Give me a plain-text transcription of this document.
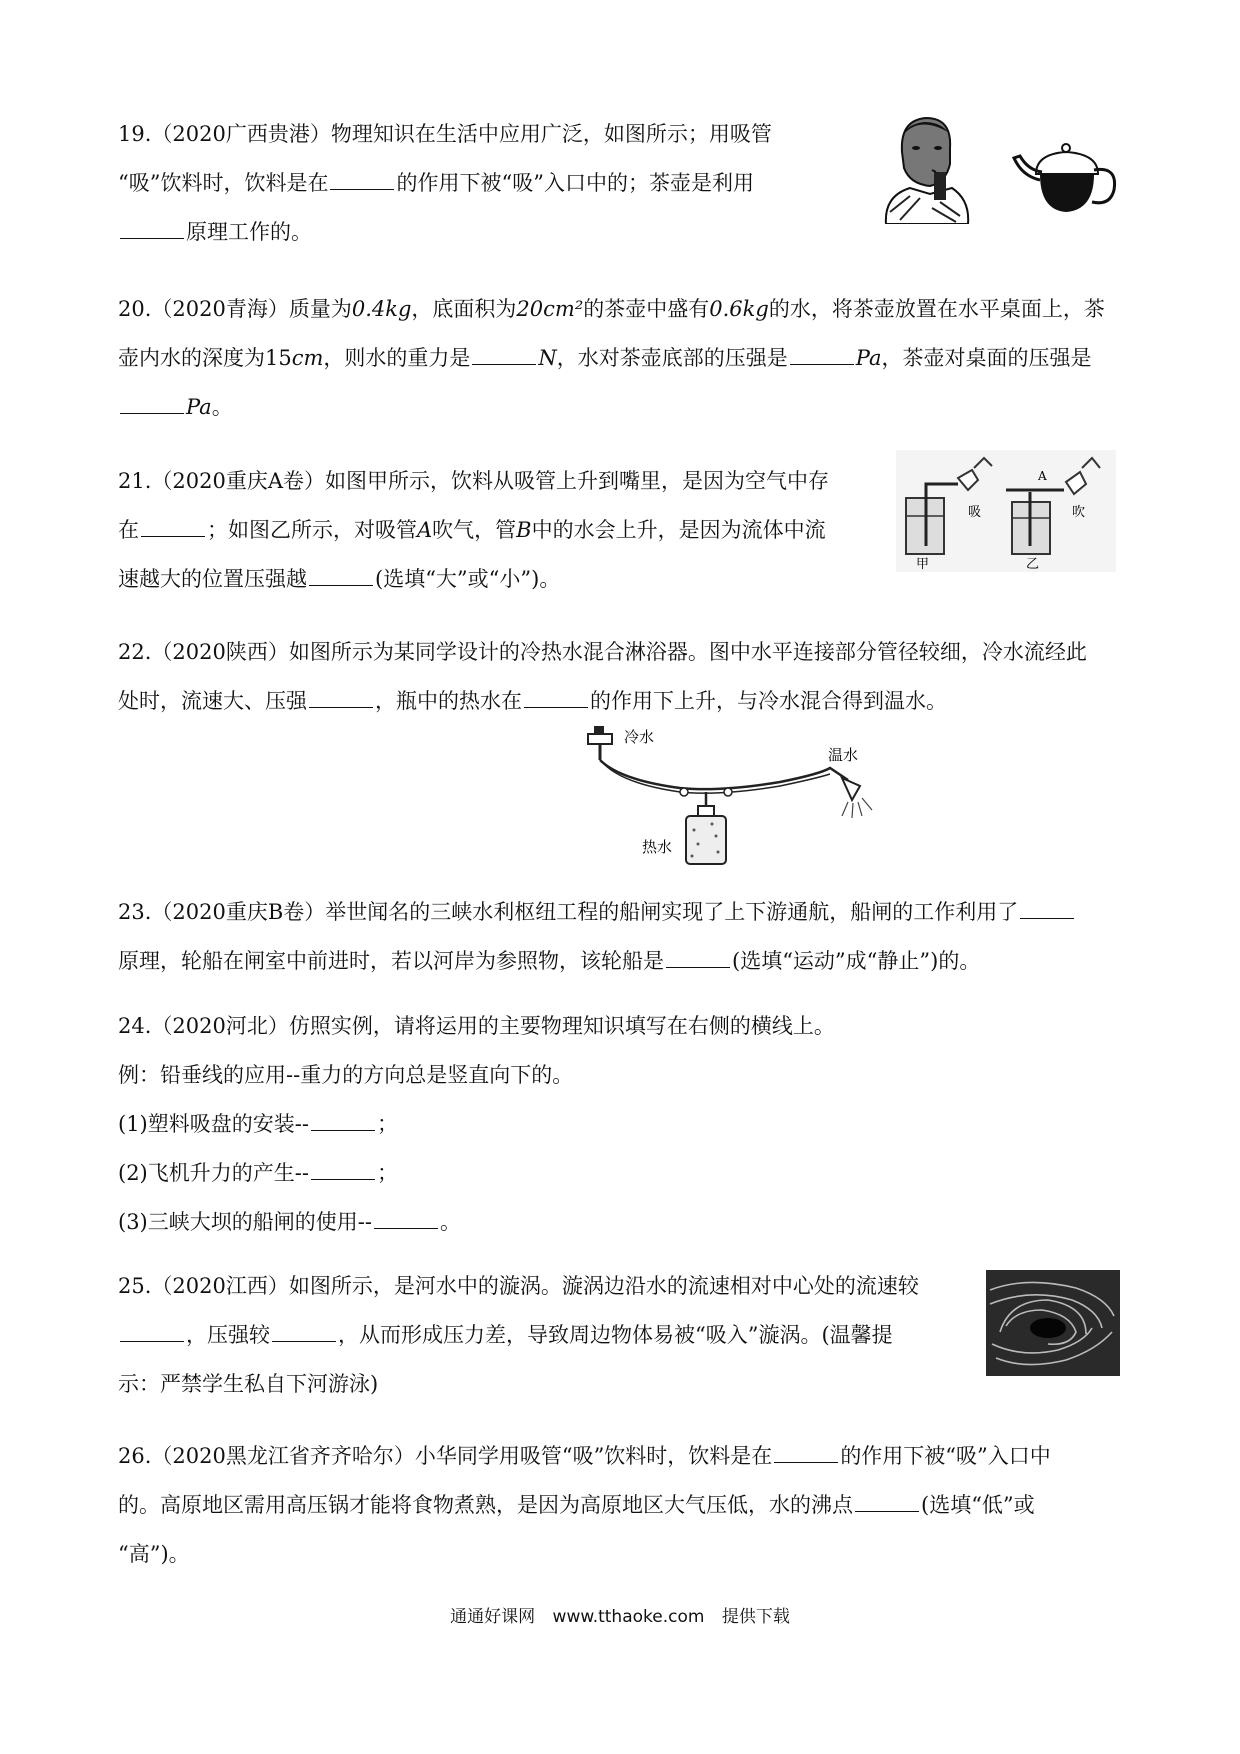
19.（2020广西贵港）物理知识在生活中应用广泛，如图所示；用吸管
“吸”饮料时，饮料是在	的作用下被“吸”入口中的；茶壶是利用
原理工作的。
20.（2020青海）质量为0.4kg，底面积为20cm²的茶壶中盛有0.6kg的水，将茶壶放置在水平桌面上，茶
壶内水的深度为15cm，则水的重力是	N，水对茶壶底部的压强是	Pa，茶壶对桌面的压强是
Pa。
21.（2020重庆A卷）如图甲所示，饮料从吸管上升到嘴里，是因为空气中存
在	；如图乙所示，对吸管A吹气，管B中的水会上升，是因为流体中流
速越大的位置压强越	(选填“大”或“小”)。
吸
A
吹
甲	乙
22.（2020陕西）如图所示为某同学设计的冷热水混合淋浴器。图中水平连接部分管径较细，冷水流经此
处时，流速大、压强	，瓶中的热水在	的作用下上升，与冷水混合得到温水。
冷水
温水
热水
23.（2020重庆B卷）举世闻名的三峡水利枢纽工程的船闸实现了上下游通航，船闸的工作利用了
原理，轮船在闸室中前进时，若以河岸为参照物，该轮船是	(选填“运动”成“静止”)的。
24.（2020河北）仿照实例，请将运用的主要物理知识填写在右侧的横线上。
例：铅垂线的应用--重力的方向总是竖直向下的。
(1)塑料吸盘的安装--	；
(2)飞机升力的产生--	；
(3)三峡大坝的船闸的使用--	。
25.（2020江西）如图所示，是河水中的漩涡。漩涡边沿水的流速相对中心处的流速较
，压强较	，从而形成压力差，导致周边物体易被“吸入”漩涡。(温馨提
示：严禁学生私自下河游泳)
26.（2020黑龙江省齐齐哈尔）小华同学用吸管“吸”饮料时，饮料是在	的作用下被“吸”入口中
的。高原地区需用高压锅才能将食物煮熟，是因为高原地区大气压低，水的沸点	(选填“低”或
“高”)。
通通好课网 www.tthaoke.com 提供下载
